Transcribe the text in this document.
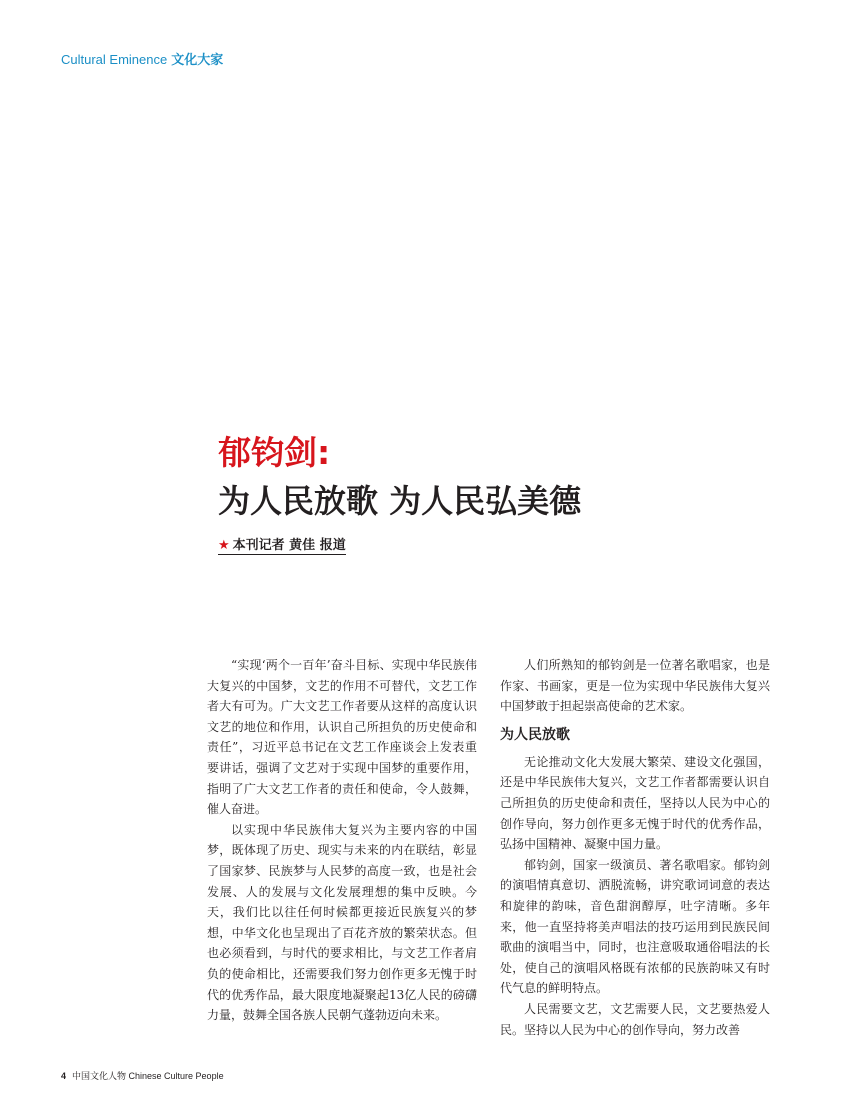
Cultural Eminence 文化大家
郁钧剑:
为人民放歌 为人民弘美德
★ 本刊记者 黄佳 报道

“实现‘两个一百年’奋斗目标、实现中华民族伟大复兴的中国梦，文艺的作用不可替代，文艺工作者大有可为。广大文艺工作者要从这样的高度认识文艺的地位和作用，认识自己所担负的历史使命和责任”，习近平总书记在文艺工作座谈会上发表重要讲话，强调了文艺对于实现中国梦的重要作用，指明了广大文艺工作者的责任和使命，令人鼓舞，催人奋进。

以实现中华民族伟大复兴为主要内容的中国梦，既体现了历史、现实与未来的内在联结，彰显了国家梦、民族梦与人民梦的高度一致，也是社会发展、人的发展与文化发展理想的集中反映。今天，我们比以往任何时候都更接近民族复兴的梦想，中华文化也呈现出了百花齐放的繁荣状态。但也必须看到，与时代的要求相比，与文艺工作者肩负的使命相比，还需要我们努力创作更多无愧于时代的优秀作品，最大限度地凝聚起13亿人民的磅礴力量，鼓舞全国各族人民朝气蓬勃迈向未来。

人们所熟知的郁钧剑是一位著名歌唱家，也是作家、书画家，更是一位为实现中华民族伟大复兴中国梦敢于担起崇高使命的艺术家。

为人民放歌

无论推动文化大发展大繁荣、建设文化强国，还是中华民族伟大复兴，文艺工作者都需要认识自己所担负的历史使命和责任，坚持以人民为中心的创作导向，努力创作更多无愧于时代的优秀作品，弘扬中国精神、凝聚中国力量。

郁钧剑，国家一级演员、著名歌唱家。郁钧剑的演唱情真意切、洒脱流畅，讲究歌词词意的表达和旋律的韵味，音色甜润醇厚，吐字清晰。多年来，他一直坚持将美声唱法的技巧运用到民族民间歌曲的演唱当中，同时，也注意吸取通俗唱法的长处，使自己的演唱风格既有浓郁的民族韵味又有时代气息的鲜明特点。

人民需要文艺，文艺需要人民，文艺要热爱人民。坚持以人民为中心的创作导向，努力改善

4 中国文化人物 Chinese Culture People
